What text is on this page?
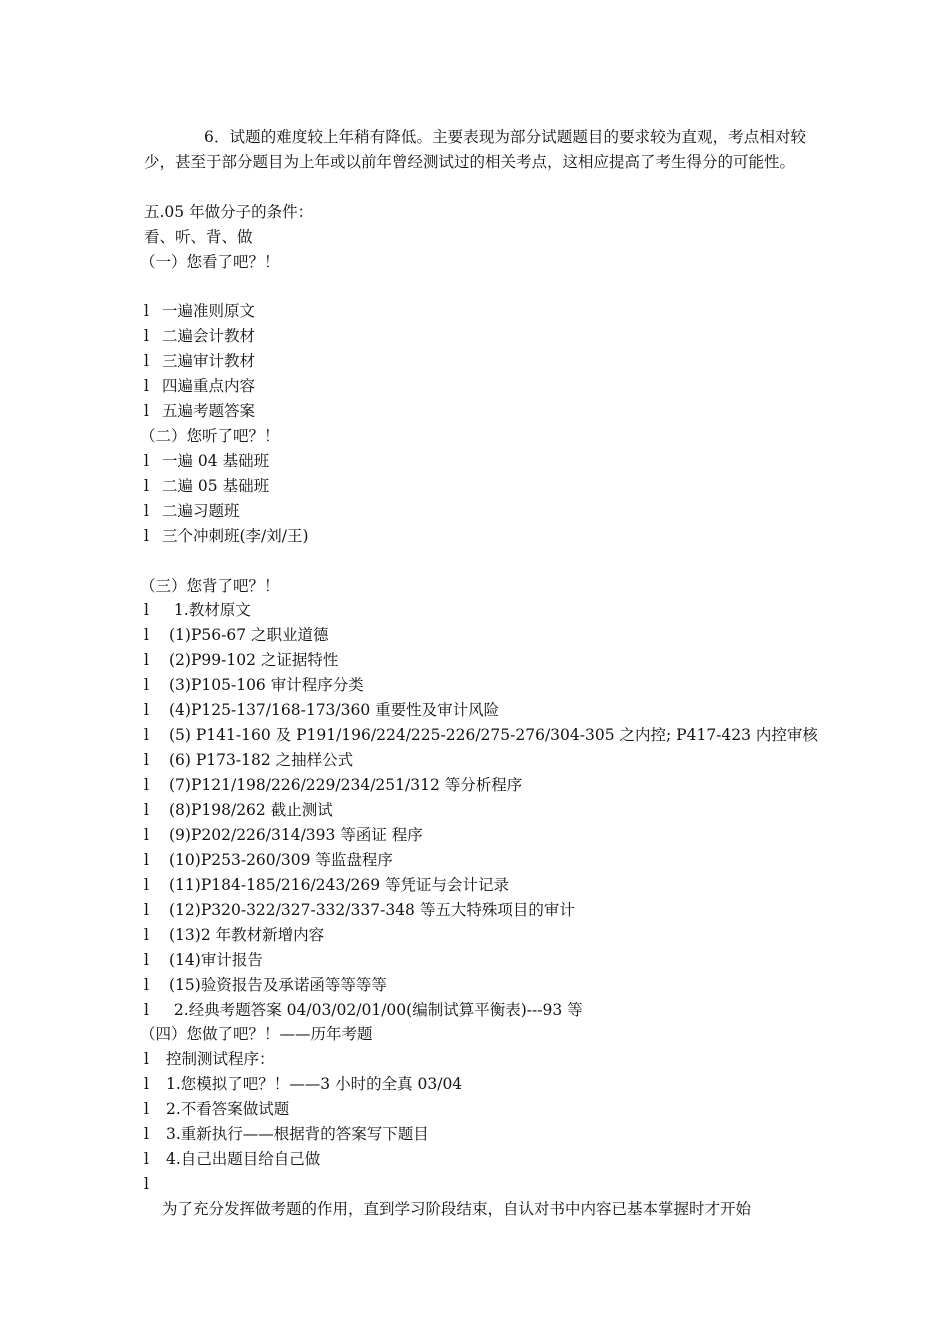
6．试题的难度较上年稍有降低。主要表现为部分试题题目的要求较为直观，考点相对较少，甚至于部分题目为上年或以前年曾经测试过的相关考点，这相应提高了考生得分的可能性。
五.05 年做分子的条件：
看、听、背、做
（一）您看了吧？！
l 一遍准则原文
l 二遍会计教材
l 三遍审计教材
l 四遍重点内容
l 五遍考题答案
（二）您听了吧？！
l 一遍 04 基础班
l 二遍 05 基础班
l 二遍习题班
l 三个冲刺班(李/刘/王)
（三）您背了吧？！
l 1.教材原文
l (1)P56-67 之职业道德
l (2)P99-102 之证据特性
l (3)P105-106 审计程序分类
l (4)P125-137/168-173/360 重要性及审计风险
l (5) P141-160 及 P191/196/224/225-226/275-276/304-305 之内控; P417-423 内控审核
l (6) P173-182 之抽样公式
l (7)P121/198/226/229/234/251/312 等分析程序
l (8)P198/262 截止测试
l (9)P202/226/314/393 等函证 程序
l (10)P253-260/309 等监盘程序
l (11)P184-185/216/243/269 等凭证与会计记录
l (12)P320-322/327-332/337-348 等五大特殊项目的审计
l (13)2 年教材新增内容
l (14)审计报告
l (15)验资报告及承诺函等等等等
l 2.经典考题答案 04/03/02/01/00(编制试算平衡表)---93 等
（四）您做了吧？！——历年考题
l 控制测试程序：
l 1.您模拟了吧？！——3 小时的全真 03/04
l 2.不看答案做试题
l 3.重新执行——根据背的答案写下题目
l 4.自己出题目给自己做
l
为了充分发挥做考题的作用，直到学习阶段结束，自认对书中内容已基本掌握时才开始
